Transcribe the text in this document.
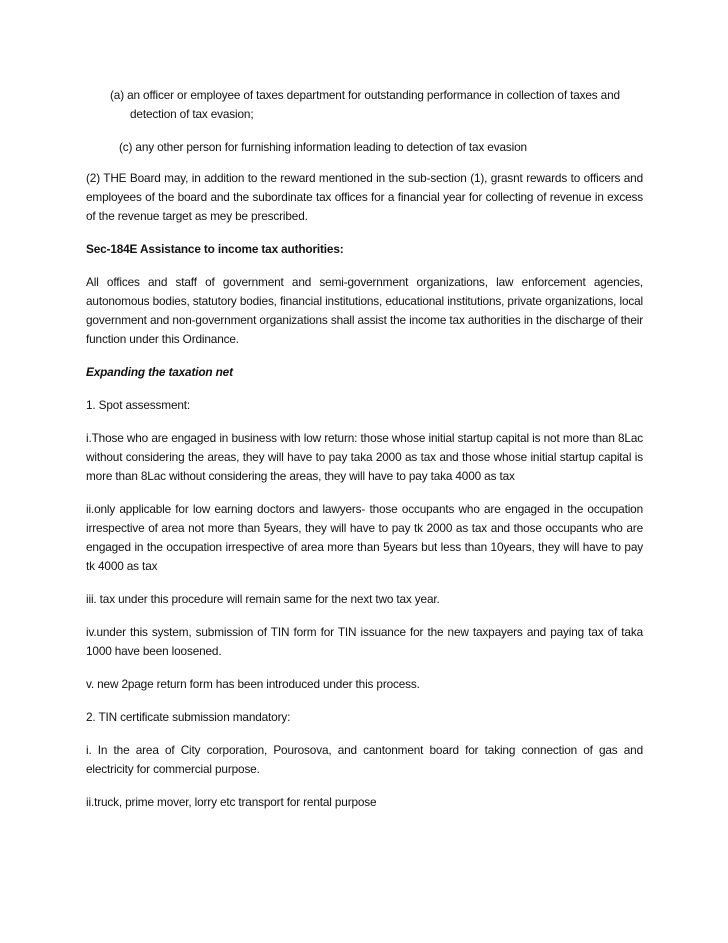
(a) an officer or employee of taxes department for outstanding performance in collection of taxes and detection of tax evasion;

(c) any other person for furnishing information leading to detection of tax evasion

(2) THE Board may, in addition to the reward mentioned in the sub-section (1), grasnt rewards to officers and employees of the board and the subordinate tax offices for a financial year for collecting of revenue in excess of the revenue target as mey be prescribed.

Sec-184E Assistance to income tax authorities:

All offices and staff of government and semi-government organizations, law enforcement agencies, autonomous bodies, statutory bodies, financial institutions, educational institutions, private organizations, local government and non-government organizations shall assist the income tax authorities in the discharge of their function under this Ordinance.

Expanding the taxation net

1. Spot assessment:

i.Those who are engaged in business with low return: those whose initial startup capital is not more than 8Lac without considering the areas, they will have to pay taka 2000 as tax and those whose initial startup capital is more than 8Lac without considering the areas, they will have to pay taka 4000 as tax

ii.only applicable for low earning doctors and lawyers- those occupants who are engaged in the occupation irrespective of area not more than 5years, they will have to pay tk 2000 as tax and those occupants who are engaged in the occupation irrespective of area more than 5years but less than 10years, they will have to pay tk 4000 as tax

iii. tax under this procedure will remain same for the next two tax year.

iv.under this system, submission of TIN form for TIN issuance for the new taxpayers and paying tax of taka 1000 have been loosened.

v. new 2page return form has been introduced under this process.

2. TIN certificate submission mandatory:

i. In the area of City corporation, Pourosova, and cantonment board for taking connection of gas and electricity for commercial purpose.

ii.truck, prime mover, lorry etc transport for rental purpose
